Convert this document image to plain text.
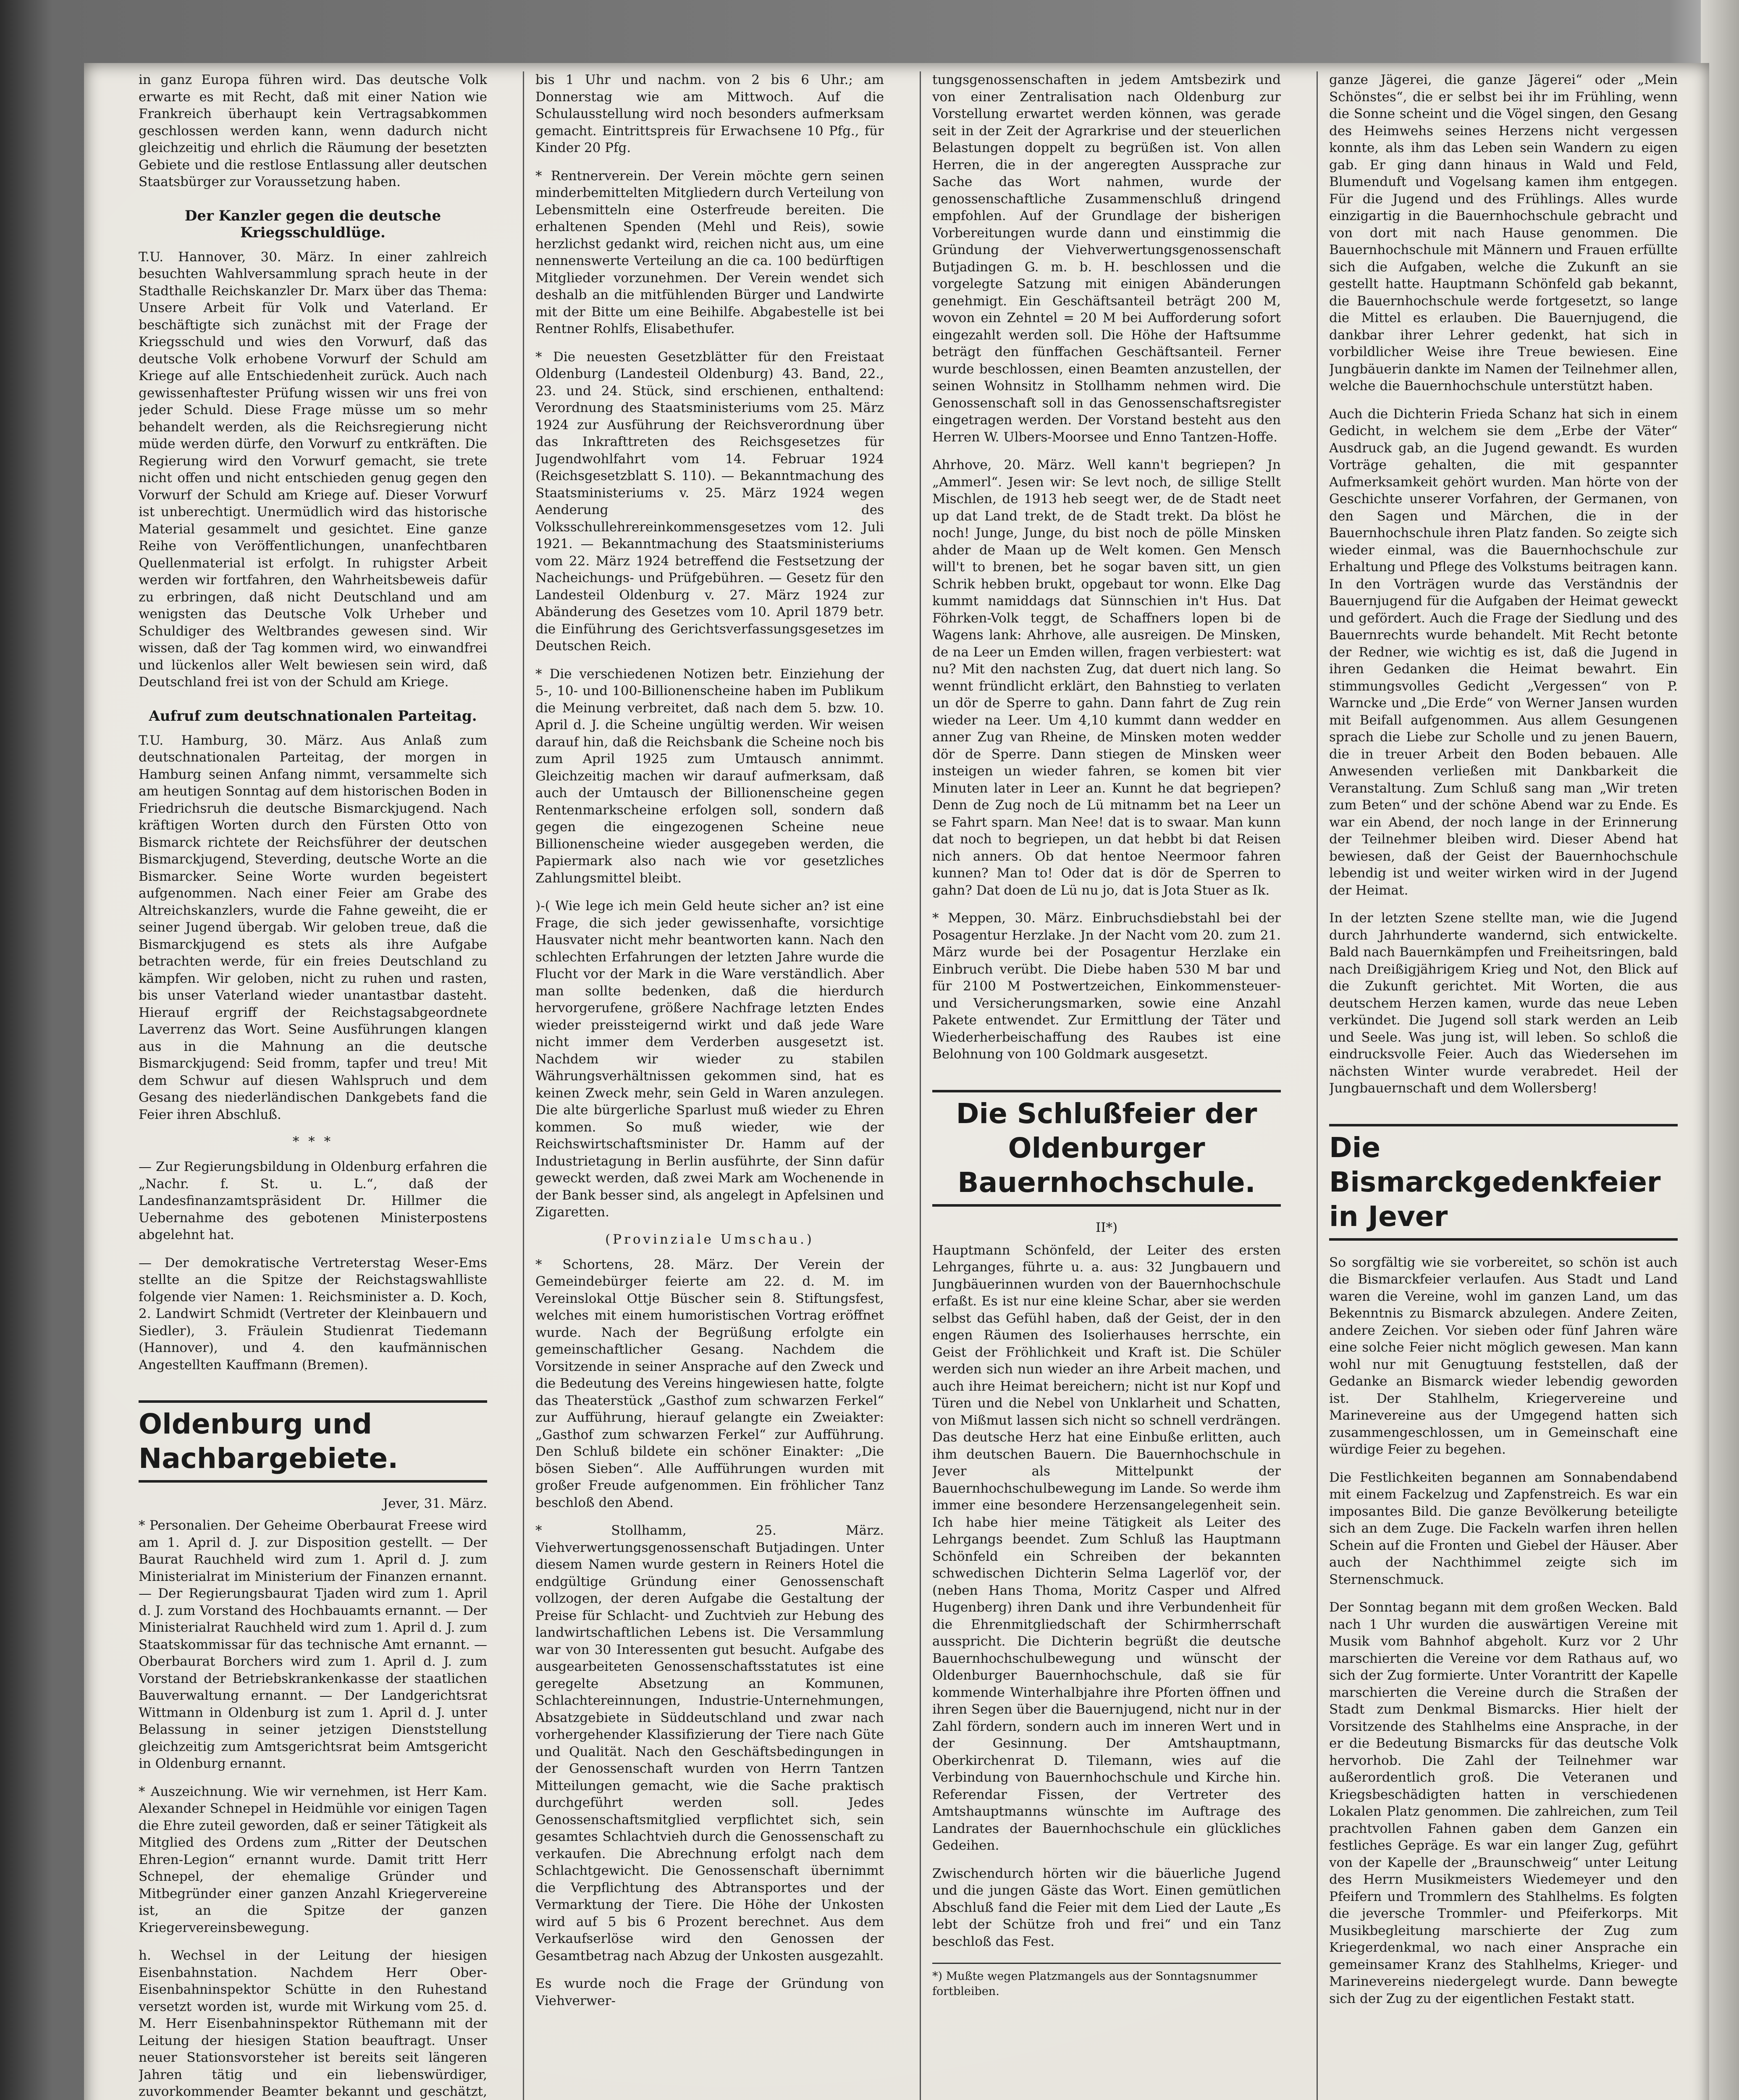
in ganz Europa führen wird. Das deutsche Volk erwarte es mit Recht, daß mit einer Nation wie Frankreich überhaupt kein Vertragsabkommen geschlossen werden kann, wenn dadurch nicht gleichzeitig und ehrlich die Räumung der besetzten Gebiete und die restlose Entlassung aller deutschen Staatsbürger zur Voraussetzung haben.

Der Kanzler gegen die deutsche Kriegsschuldlüge.

T.U. Hannover, 30. März. In einer zahlreich besuchten Wahlversammlung sprach heute in der Stadthalle Reichskanzler Dr. Marx über das Thema: Unsere Arbeit für Volk und Vaterland. Er beschäftigte sich zunächst mit der Frage der Kriegsschuld und wies den Vorwurf, daß das deutsche Volk erhobene Vorwurf der Schuld am Kriege auf alle Entschiedenheit zurück. Auch nach gewissenhaftester Prüfung wissen wir uns frei von jeder Schuld. Diese Frage müsse um so mehr behandelt werden, als die Reichsregierung nicht müde werden dürfe, den Vorwurf zu entkräften. Die Regierung wird den Vorwurf gemacht, sie trete nicht offen und nicht entschieden genug gegen den Vorwurf der Schuld am Kriege auf. Dieser Vorwurf ist unberechtigt. Unermüdlich wird das historische Material gesammelt und gesichtet. Eine ganze Reihe von Veröffentlichungen, unanfechtbaren Quellenmaterial ist erfolgt. In ruhigster Arbeit werden wir fortfahren, den Wahrheitsbeweis dafür zu erbringen, daß nicht Deutschland und am wenigsten das Deutsche Volk Urheber und Schuldiger des Weltbrandes gewesen sind. Wir wissen, daß der Tag kommen wird, wo einwandfrei und lückenlos aller Welt bewiesen sein wird, daß Deutschland frei ist von der Schuld am Kriege.

Aufruf zum deutschnationalen Parteitag.

T.U. Hamburg, 30. März. Aus Anlaß zum deutschnationalen Parteitag, der morgen in Hamburg seinen Anfang nimmt, versammelte sich am heutigen Sonntag auf dem historischen Boden in Friedrichsruh die deutsche Bismarckjugend. Nach kräftigen Worten durch den Fürsten Otto von Bismarck richtete der Reichsführer der deutschen Bismarckjugend, Steverding, deutsche Worte an die Bismarcker. Seine Worte wurden begeistert aufgenommen. Nach einer Feier am Grabe des Altreichskanzlers, wurde die Fahne geweiht, die er seiner Jugend übergab. Wir geloben treue, daß die Bismarckjugend es stets als ihre Aufgabe betrachten werde, für ein freies Deutschland zu kämpfen. Wir geloben, nicht zu ruhen und rasten, bis unser Vaterland wieder unantastbar dasteht. Hierauf ergriff der Reichstagsabgeordnete Laverrenz das Wort. Seine Ausführungen klangen aus in die Mahnung an die deutsche Bismarckjugend: Seid fromm, tapfer und treu! Mit dem Schwur auf diesen Wahlspruch und dem Gesang des niederländischen Dankgebets fand die Feier ihren Abschluß.

* * *

— Zur Regierungsbildung in Oldenburg erfahren die „Nachr. f. St. u. L.“, daß der Landesfinanzamtspräsident Dr. Hillmer die Uebernahme des gebotenen Ministerpostens abgelehnt hat.

— Der demokratische Vertreterstag Weser-Ems stellte an die Spitze der Reichstagswahlliste folgende vier Namen: 1. Reichsminister a. D. Koch, 2. Landwirt Schmidt (Vertreter der Kleinbauern und Siedler), 3. Fräulein Studienrat Tiedemann (Hannover), und 4. den kaufmännischen Angestellten Kauffmann (Bremen).

Oldenburg und Nachbargebiete.
Jever, 31. März.

* Personalien. Der Geheime Oberbaurat Freese wird am 1. April d. J. zur Disposition gestellt. — Der Baurat Rauchheld wird zum 1. April d. J. zum Ministerialrat im Ministerium der Finanzen ernannt. — Der Regierungsbaurat Tjaden wird zum 1. April d. J. zum Vorstand des Hochbauamts ernannt. — Der Ministerialrat Rauchheld wird zum 1. April d. J. zum Staatskommissar für das technische Amt ernannt. — Oberbaurat Borchers wird zum 1. April d. J. zum Vorstand der Betriebskrankenkasse der staatlichen Bauverwaltung ernannt. — Der Landgerichtsrat Wittmann in Oldenburg ist zum 1. April d. J. unter Belassung in seiner jetzigen Dienststellung gleichzeitig zum Amtsgerichtsrat beim Amtsgericht in Oldenburg ernannt.

* Auszeichnung. Wie wir vernehmen, ist Herr Kam. Alexander Schnepel in Heidmühle vor einigen Tagen die Ehre zuteil geworden, daß er seiner Tätigkeit als Mitglied des Ordens zum „Ritter der Deutschen Ehren-Legion“ ernannt wurde. Damit tritt Herr Schnepel, der ehemalige Gründer und Mitbegründer einer ganzen Anzahl Kriegervereine ist, an die Spitze der ganzen Kriegervereinsbewegung.

h. Wechsel in der Leitung der hiesigen Eisenbahnstation. Nachdem Herr Ober-Eisenbahninspektor Schütte in den Ruhestand versetzt worden ist, wurde mit Wirkung vom 25. d. M. Herr Eisenbahninspektor Rüthemann mit der Leitung der hiesigen Station beauftragt. Unser neuer Stationsvorsteher ist bereits seit längeren Jahren tätig und ein liebenswürdiger, zuvorkommender Beamter bekannt und geschätzt,

bis 1 Uhr und nachm. von 2 bis 6 Uhr.; am Donnerstag wie am Mittwoch. Auf die Schulausstellung wird noch besonders aufmerksam gemacht. Eintrittspreis für Erwachsene 10 Pfg., für Kinder 20 Pfg.

* Rentnerverein. Der Verein möchte gern seinen minderbemittelten Mitgliedern durch Verteilung von Lebensmitteln eine Osterfreude bereiten. Die erhaltenen Spenden (Mehl und Reis), sowie herzlichst gedankt wird, reichen nicht aus, um eine nennenswerte Verteilung an die ca. 100 bedürftigen Mitglieder vorzunehmen. Der Verein wendet sich deshalb an die mitfühlenden Bürger und Landwirte mit der Bitte um eine Beihilfe. Abgabestelle ist bei Rentner Rohlfs, Elisabethufer.

* Die neuesten Gesetzblätter für den Freistaat Oldenburg (Landesteil Oldenburg) 43. Band, 22., 23. und 24. Stück, sind erschienen, enthaltend: Verordnung des Staatsministeriums vom 25. März 1924 zur Ausführung der Reichsverordnung über das Inkrafttreten des Reichsgesetzes für Jugendwohlfahrt vom 14. Februar 1924 (Reichsgesetzblatt S. 110). — Bekanntmachung des Staatsministeriums v. 25. März 1924 wegen Aenderung des Volksschullehrereinkommensgesetzes vom 12. Juli 1921. — Bekanntmachung des Staatsministeriums vom 22. März 1924 betreffend die Festsetzung der Nacheichungs- und Prüfgebühren. — Gesetz für den Landesteil Oldenburg v. 27. März 1924 zur Abänderung des Gesetzes vom 10. April 1879 betr. die Einführung des Gerichtsverfassungsgesetzes im Deutschen Reich.

* Die verschiedenen Notizen betr. Einziehung der 5-, 10- und 100-Billionenscheine haben im Publikum die Meinung verbreitet, daß nach dem 5. bzw. 10. April d. J. die Scheine ungültig werden. Wir weisen darauf hin, daß die Reichsbank die Scheine noch bis zum April 1925 zum Umtausch annimmt. Gleichzeitig machen wir darauf aufmerksam, daß auch der Umtausch der Billionenscheine gegen Rentenmarkscheine erfolgen soll, sondern daß gegen die eingezogenen Scheine neue Billionenscheine wieder ausgegeben werden, die Papiermark also nach wie vor gesetzliches Zahlungsmittel bleibt.

)-( Wie lege ich mein Geld heute sicher an? ist eine Frage, die sich jeder gewissenhafte, vorsichtige Hausvater nicht mehr beantworten kann. Nach den schlechten Erfahrungen der letzten Jahre wurde die Flucht vor der Mark in die Ware verständlich. Aber man sollte bedenken, daß die hierdurch hervorgerufene, größere Nachfrage letzten Endes wieder preissteigernd wirkt und daß jede Ware nicht immer dem Verderben ausgesetzt ist. Nachdem wir wieder zu stabilen Währungsverhältnissen gekommen sind, hat es keinen Zweck mehr, sein Geld in Waren anzulegen. Die alte bürgerliche Sparlust muß wieder zu Ehren kommen. So muß wieder, wie der Reichswirtschaftsminister Dr. Hamm auf der Industrietagung in Berlin ausführte, der Sinn dafür geweckt werden, daß zwei Mark am Wochenende in der Bank besser sind, als angelegt in Apfelsinen und Zigaretten.

(Provinziale Umschau.)

* Schortens, 28. März. Der Verein der Gemeindebürger feierte am 22. d. M. im Vereinslokal Ottje Büscher sein 8. Stiftungsfest, welches mit einem humoristischen Vortrag eröffnet wurde. Nach der Begrüßung erfolgte ein gemeinschaftlicher Gesang. Nachdem die Vorsitzende in seiner Ansprache auf den Zweck und die Bedeutung des Vereins hingewiesen hatte, folgte das Theaterstück „Gasthof zum schwarzen Ferkel“ zur Aufführung, hierauf gelangte ein Zweiakter: „Gasthof zum schwarzen Ferkel“ zur Aufführung. Den Schluß bildete ein schöner Einakter: „Die bösen Sieben“. Alle Aufführungen wurden mit großer Freude aufgenommen. Ein fröhlicher Tanz beschloß den Abend.

* Stollhamm, 25. März. Viehverwertungsgenossenschaft Butjadingen. Unter diesem Namen wurde gestern in Reiners Hotel die endgültige Gründung einer Genossenschaft vollzogen, der deren Aufgabe die Gestaltung der Preise für Schlacht- und Zuchtvieh zur Hebung des landwirtschaftlichen Lebens ist. Die Versammlung war von 30 Interessenten gut besucht. Aufgabe des ausgearbeiteten Genossenschaftsstatutes ist eine geregelte Absetzung an Kommunen, Schlachtereinnungen, Industrie-Unternehmungen, Absatzgebiete in Süddeutschland und zwar nach vorhergehender Klassifizierung der Tiere nach Güte und Qualität. Nach den Geschäftsbedingungen in der Genossenschaft wurden von Herrn Tantzen Mitteilungen gemacht, wie die Sache praktisch durchgeführt werden soll. Jedes Genossenschaftsmitglied verpflichtet sich, sein gesamtes Schlachtvieh durch die Genossenschaft zu verkaufen. Die Abrechnung erfolgt nach dem Schlachtgewicht. Die Genossenschaft übernimmt die Verpflichtung des Abtransportes und der Vermarktung der Tiere. Die Höhe der Unkosten wird auf 5 bis 6 Prozent berechnet. Aus dem Verkaufserlöse wird den Genossen der Gesamtbetrag nach Abzug der Unkosten ausgezahlt.

Es wurde noch die Frage der Gründung von Viehverwer-

tungsgenossenschaften in jedem Amtsbezirk und von einer Zentralisation nach Oldenburg zur Vorstellung erwartet werden können, was gerade seit in der Zeit der Agrarkrise und der steuerlichen Belastungen doppelt zu begrüßen ist. Von allen Herren, die in der angeregten Aussprache zur Sache das Wort nahmen, wurde der genossenschaftliche Zusammenschluß dringend empfohlen. Auf der Grundlage der bisherigen Vorbereitungen wurde dann und einstimmig die Gründung der Viehverwertungsgenossenschaft Butjadingen G. m. b. H. beschlossen und die vorgelegte Satzung mit einigen Abänderungen genehmigt. Ein Geschäftsanteil beträgt 200 M, wovon ein Zehntel = 20 M bei Aufforderung sofort eingezahlt werden soll. Die Höhe der Haftsumme beträgt den fünffachen Geschäftsanteil. Ferner wurde beschlossen, einen Beamten anzustellen, der seinen Wohnsitz in Stollhamm nehmen wird. Die Genossenschaft soll in das Genossenschaftsregister eingetragen werden. Der Vorstand besteht aus den Herren W. Ulbers-Moorsee und Enno Tantzen-Hoffe.

Ahrhove, 20. März. Well kann't begriepen? Jn „Ammerl“. Jesen wir: Se levt noch, de sillige Stellt Mischlen, de 1913 heb seegt wer, de de Stadt neet up dat Land trekt, de de Stadt trekt. Da blöst he noch! Junge, Junge, du bist noch de pölle Minsken ahder de Maan up de Welt komen. Gen Mensch will't to brenen, bet he sogar baven sitt, un gien Schrik hebben brukt, opgebaut tor wonn. Elke Dag kummt namiddags dat Sünnschien in't Hus. Dat Föhrken-Volk teggt, de Schaffners lopen bi de Wagens lank: Ahrhove, alle ausreigen. De Minsken, de na Leer un Emden willen, fragen verbiestert: wat nu? Mit den nachsten Zug, dat duert nich lang. So wennt fründlicht erklärt, den Bahnstieg to verlaten un dör de Sperre to gahn. Dann fahrt de Zug rein wieder na Leer. Um 4,10 kummt dann wedder en anner Zug van Rheine, de Minsken moten wedder dör de Sperre. Dann stiegen de Minsken weer insteigen un wieder fahren, se komen bit vier Minuten later in Leer an. Kunnt he dat begriepen? Denn de Zug noch de Lü mitnamm bet na Leer un se Fahrt sparn. Man Nee! dat is to swaar. Man kunn dat noch to begriepen, un dat hebbt bi dat Reisen nich anners. Ob dat hentoe Neermoor fahren kunnen? Man to! Oder dat is dör de Sperren to gahn? Dat doen de Lü nu jo, dat is Jota Stuer as Ik.

* Meppen, 30. März. Einbruchsdiebstahl bei der Posagentur Herzlake. Jn der Nacht vom 20. zum 21. März wurde bei der Posagentur Herzlake ein Einbruch verübt. Die Diebe haben 530 M bar und für 2100 M Postwertzeichen, Einkommensteuer- und Versicherungsmarken, sowie eine Anzahl Pakete entwendet. Zur Ermittlung der Täter und Wiederherbeischaffung des Raubes ist eine Belohnung von 100 Goldmark ausgesetzt.

Die Schlußfeier der Oldenburger Bauernhochschule.
II*)

Hauptmann Schönfeld, der Leiter des ersten Lehrganges, führte u. a. aus: 32 Jungbauern und Jungbäuerinnen wurden von der Bauernhochschule erfaßt. Es ist nur eine kleine Schar, aber sie werden selbst das Gefühl haben, daß der Geist, der in den engen Räumen des Isolierhauses herrschte, ein Geist der Fröhlichkeit und Kraft ist. Die Schüler werden sich nun wieder an ihre Arbeit machen, und auch ihre Heimat bereichern; nicht ist nur Kopf und Türen und die Nebel von Unklarheit und Schatten, von Mißmut lassen sich nicht so schnell verdrängen. Das deutsche Herz hat eine Einbuße erlitten, auch ihm deutschen Bauern. Die Bauernhochschule in Jever als Mittelpunkt der Bauernhochschulbewegung im Lande. So werde ihm immer eine besondere Herzensangelegenheit sein. Ich habe hier meine Tätigkeit als Leiter des Lehrgangs beendet. Zum Schluß las Hauptmann Schönfeld ein Schreiben der bekannten schwedischen Dichterin Selma Lagerlöf vor, der (neben Hans Thoma, Moritz Casper und Alfred Hugenberg) ihren Dank und ihre Verbundenheit für die Ehrenmitgliedschaft der Schirmherrschaft ausspricht. Die Dichterin begrüßt die deutsche Bauernhochschulbewegung und wünscht der Oldenburger Bauernhochschule, daß sie für kommende Winterhalbjahre ihre Pforten öffnen und ihren Segen über die Bauernjugend, nicht nur in der Zahl fördern, sondern auch im inneren Wert und in der Gesinnung. Der Amtshauptmann, Oberkirchenrat D. Tilemann, wies auf die Verbindung von Bauernhochschule und Kirche hin. Referendar Fissen, der Vertreter des Amtshauptmanns wünschte im Auftrage des Landrates der Bauernhochschule ein glückliches Gedeihen.

Zwischendurch hörten wir die bäuerliche Jugend und die jungen Gäste das Wort. Einen gemütlichen Abschluß fand die Feier mit dem Lied der Laute „Es lebt der Schütze froh und frei“ und ein Tanz beschloß das Fest.

*) Mußte wegen Platzmangels aus der Sonntagsnummer fortbleiben.

ganze Jägerei, die ganze Jägerei“ oder „Mein Schönstes“, die er selbst bei ihr im Frühling, wenn die Sonne scheint und die Vögel singen, den Gesang des Heimwehs seines Herzens nicht vergessen konnte, als ihm das Leben sein Wandern zu eigen gab. Er ging dann hinaus in Wald und Feld, Blumenduft und Vogelsang kamen ihm entgegen. Für die Jugend und des Frühlings. Alles wurde einzigartig in die Bauernhochschule gebracht und von dort mit nach Hause genommen. Die Bauernhochschule mit Männern und Frauen erfüllte sich die Aufgaben, welche die Zukunft an sie gestellt hatte. Hauptmann Schönfeld gab bekannt, die Bauernhochschule werde fortgesetzt, so lange die Mittel es erlauben. Die Bauernjugend, die dankbar ihrer Lehrer gedenkt, hat sich in vorbildlicher Weise ihre Treue bewiesen. Eine Jungbäuerin dankte im Namen der Teilnehmer allen, welche die Bauernhochschule unterstützt haben.

Auch die Dichterin Frieda Schanz hat sich in einem Gedicht, in welchem sie dem „Erbe der Väter“ Ausdruck gab, an die Jugend gewandt. Es wurden Vorträge gehalten, die mit gespannter Aufmerksamkeit gehört wurden. Man hörte von der Geschichte unserer Vorfahren, der Germanen, von den Sagen und Märchen, die in der Bauernhochschule ihren Platz fanden. So zeigte sich wieder einmal, was die Bauernhochschule zur Erhaltung und Pflege des Volkstums beitragen kann. In den Vorträgen wurde das Verständnis der Bauernjugend für die Aufgaben der Heimat geweckt und gefördert. Auch die Frage der Siedlung und des Bauernrechts wurde behandelt. Mit Recht betonte der Redner, wie wichtig es ist, daß die Jugend in ihren Gedanken die Heimat bewahrt. Ein stimmungsvolles Gedicht „Vergessen“ von P. Warncke und „Die Erde“ von Werner Jansen wurden mit Beifall aufgenommen. Aus allem Gesungenen sprach die Liebe zur Scholle und zu jenen Bauern, die in treuer Arbeit den Boden bebauen. Alle Anwesenden verließen mit Dankbarkeit die Veranstaltung. Zum Schluß sang man „Wir treten zum Beten“ und der schöne Abend war zu Ende. Es war ein Abend, der noch lange in der Erinnerung der Teilnehmer bleiben wird. Dieser Abend hat bewiesen, daß der Geist der Bauernhochschule lebendig ist und weiter wirken wird in der Jugend der Heimat.

In der letzten Szene stellte man, wie die Jugend durch Jahrhunderte wandernd, sich entwickelte. Bald nach Bauernkämpfen und Freiheitsringen, bald nach Dreißigjährigem Krieg und Not, den Blick auf die Zukunft gerichtet. Mit Worten, die aus deutschem Herzen kamen, wurde das neue Leben verkündet. Die Jugend soll stark werden an Leib und Seele. Was jung ist, will leben. So schloß die eindrucksvolle Feier. Auch das Wiedersehen im nächsten Winter wurde verabredet. Heil der Jungbauernschaft und dem Wollersberg!

Die Bismarckgedenkfeier in Jever

So sorgfältig wie sie vorbereitet, so schön ist auch die Bismarckfeier verlaufen. Aus Stadt und Land waren die Vereine, wohl im ganzen Land, um das Bekenntnis zu Bismarck abzulegen. Andere Zeiten, andere Zeichen. Vor sieben oder fünf Jahren wäre eine solche Feier nicht möglich gewesen. Man kann wohl nur mit Genugtuung feststellen, daß der Gedanke an Bismarck wieder lebendig geworden ist. Der Stahlhelm, Kriegervereine und Marinevereine aus der Umgegend hatten sich zusammengeschlossen, um in Gemeinschaft eine würdige Feier zu begehen.

Die Festlichkeiten begannen am Sonnabendabend mit einem Fackelzug und Zapfenstreich. Es war ein imposantes Bild. Die ganze Bevölkerung beteiligte sich an dem Zuge. Die Fackeln warfen ihren hellen Schein auf die Fronten und Giebel der Häuser. Aber auch der Nachthimmel zeigte sich im Sternenschmuck.

Der Sonntag begann mit dem großen Wecken. Bald nach 1 Uhr wurden die auswärtigen Vereine mit Musik vom Bahnhof abgeholt. Kurz vor 2 Uhr marschierten die Vereine vor dem Rathaus auf, wo sich der Zug formierte. Unter Vorantritt der Kapelle marschierten die Vereine durch die Straßen der Stadt zum Denkmal Bismarcks. Hier hielt der Vorsitzende des Stahlhelms eine Ansprache, in der er die Bedeutung Bismarcks für das deutsche Volk hervorhob. Die Zahl der Teilnehmer war außerordentlich groß. Die Veteranen und Kriegsbeschädigten hatten in verschiedenen Lokalen Platz genommen. Die zahlreichen, zum Teil prachtvollen Fahnen gaben dem Ganzen ein festliches Gepräge. Es war ein langer Zug, geführt von der Kapelle der „Braunschweig“ unter Leitung des Herrn Musikmeisters Wiedemeyer und den Pfeifern und Trommlern des Stahlhelms. Es folgten die jeversche Trommler- und Pfeiferkorps. Mit Musikbegleitung marschierte der Zug zum Kriegerdenkmal, wo nach einer Ansprache ein gemeinsamer Kranz des Stahlhelms, Krieger- und Marinevereins niedergelegt wurde. Dann bewegte sich der Zug zu der eigentlichen Festakt statt.
